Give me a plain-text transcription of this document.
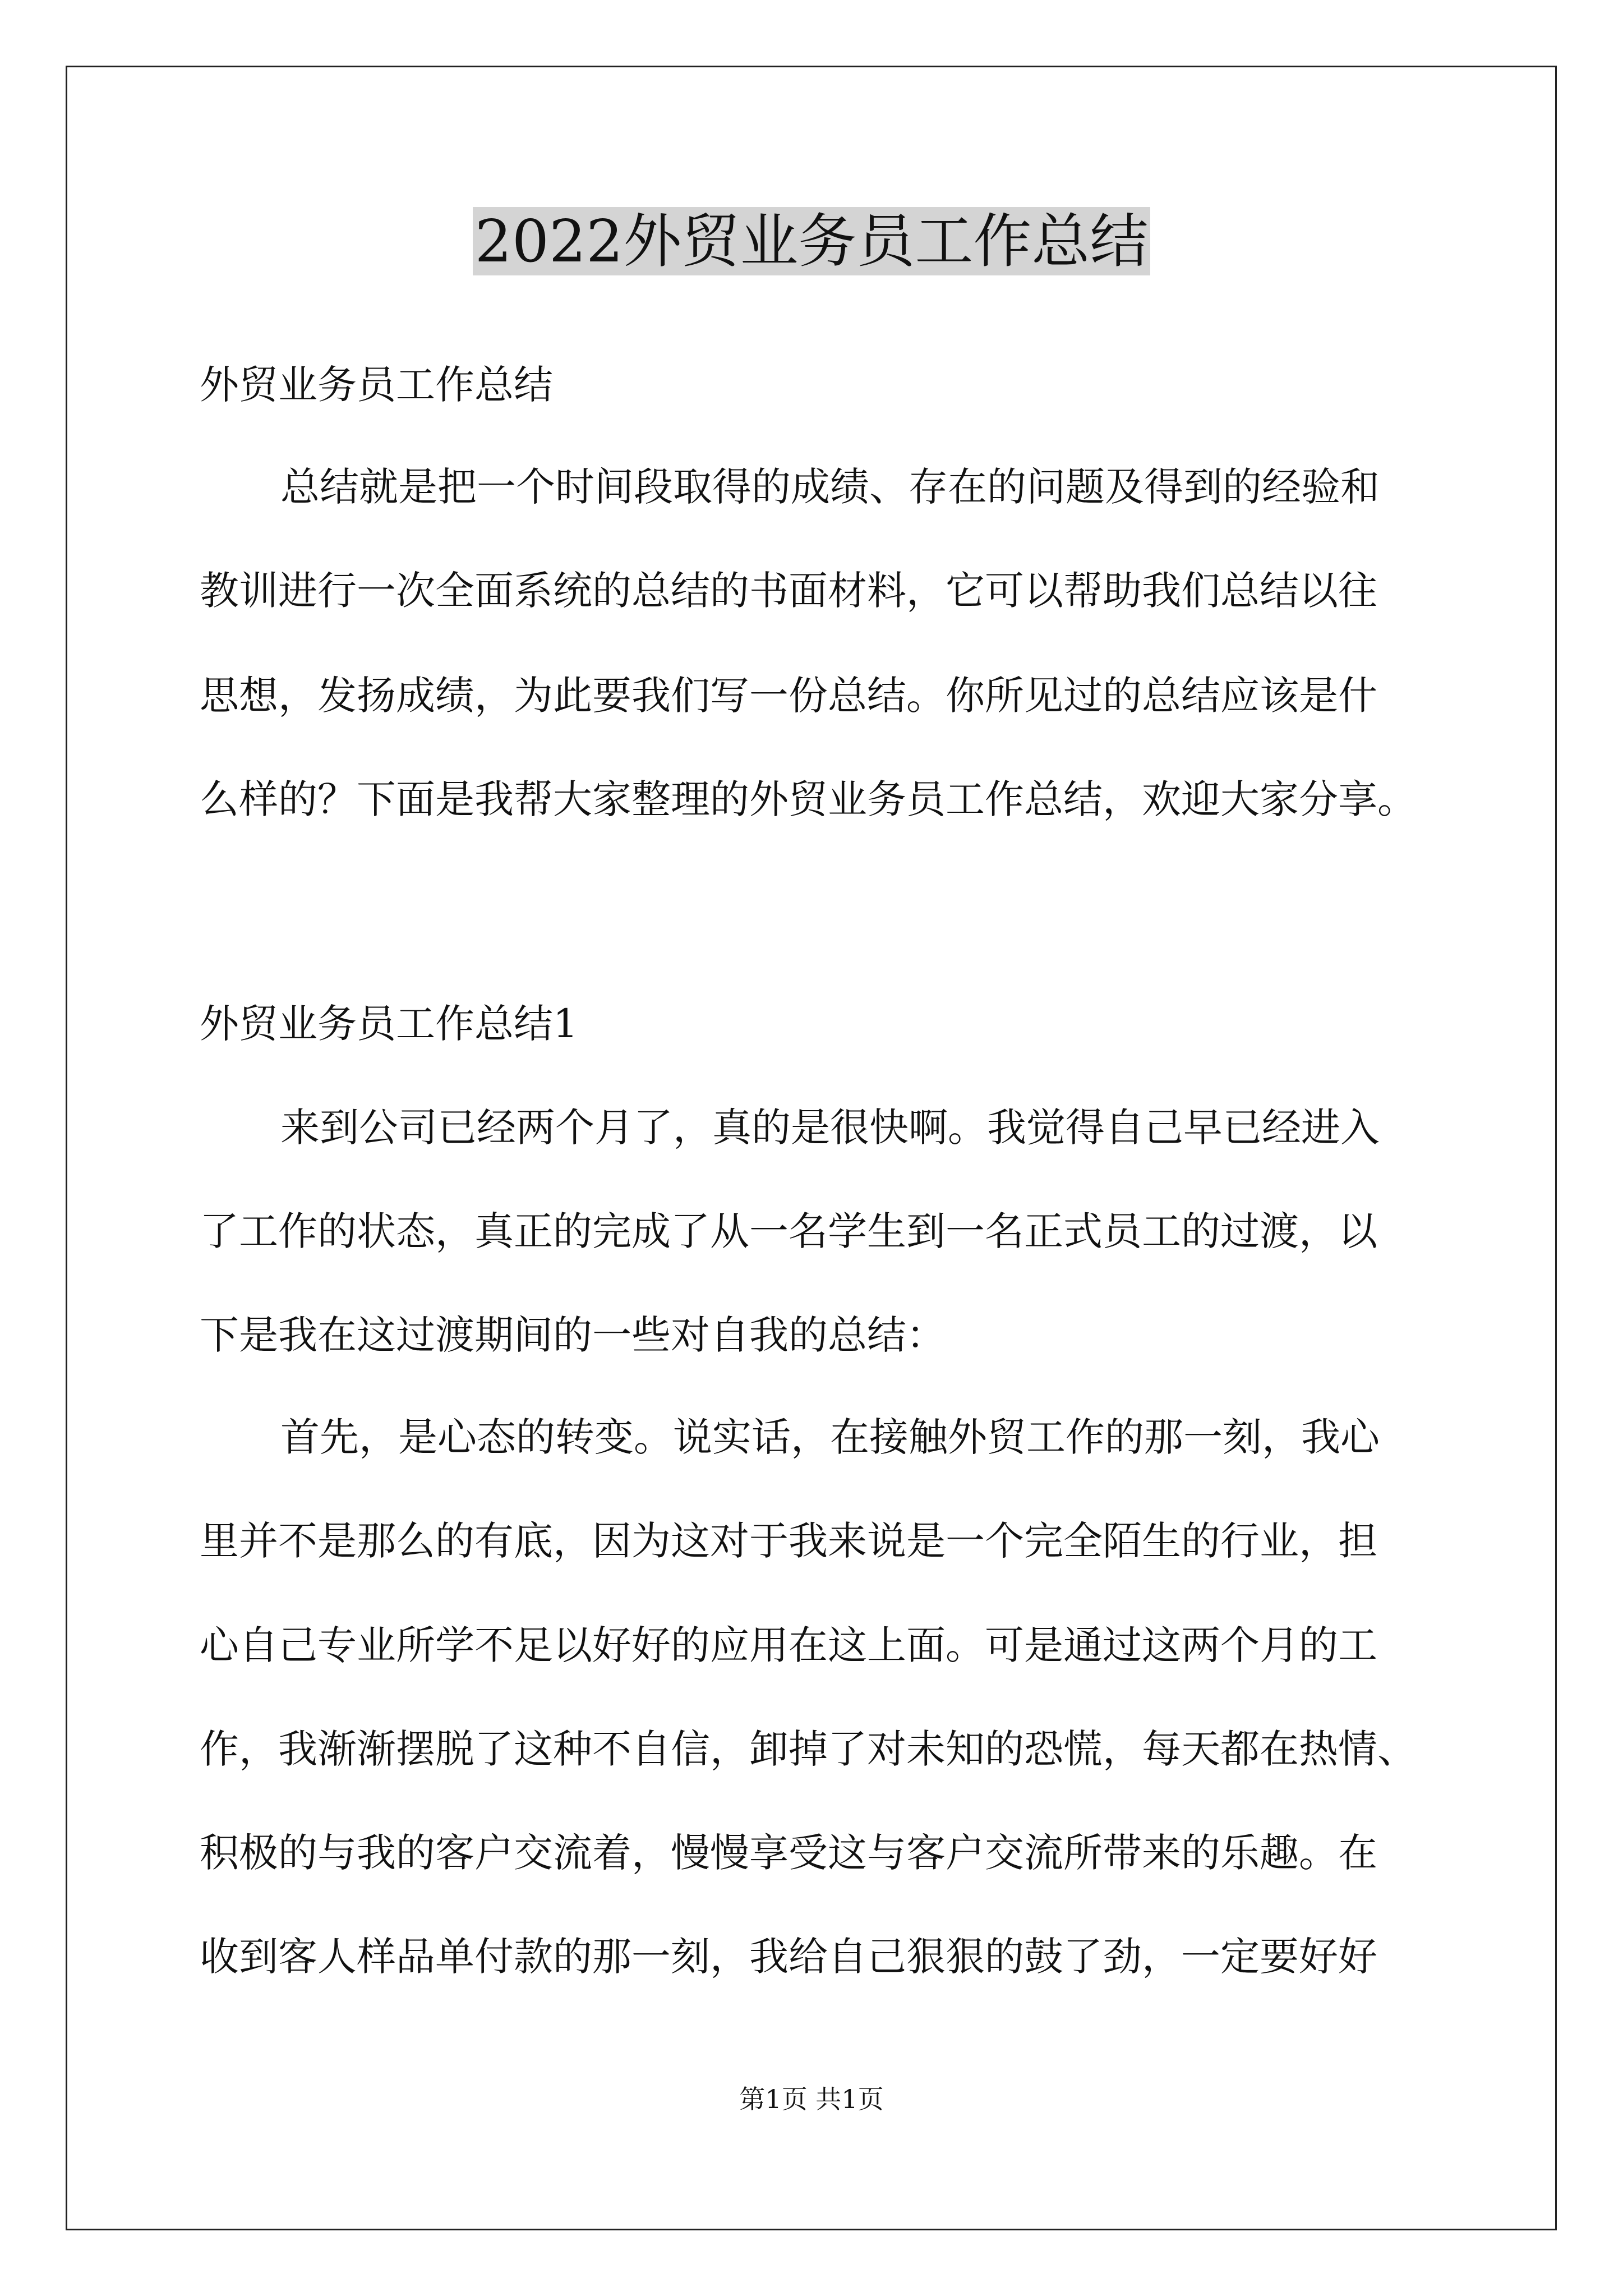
2022外贸业务员工作总结
外贸业务员工作总结
总结就是把一个时间段取得的成绩、存在的问题及得到的经验和
教训进行一次全面系统的总结的书面材料，它可以帮助我们总结以往
思想，发扬成绩，为此要我们写一份总结。你所见过的总结应该是什
么样的？下面是我帮大家整理的外贸业务员工作总结，欢迎大家分享。
外贸业务员工作总结1
来到公司已经两个月了，真的是很快啊。我觉得自己早已经进入
了工作的状态，真正的完成了从一名学生到一名正式员工的过渡，以
下是我在这过渡期间的一些对自我的总结：
首先，是心态的转变。说实话，在接触外贸工作的那一刻，我心
里并不是那么的有底，因为这对于我来说是一个完全陌生的行业，担
心自己专业所学不足以好好的应用在这上面。可是通过这两个月的工
作，我渐渐摆脱了这种不自信，卸掉了对未知的恐慌，每天都在热情、
积极的与我的客户交流着，慢慢享受这与客户交流所带来的乐趣。在
收到客人样品单付款的那一刻，我给自己狠狠的鼓了劲，一定要好好
第1页 共1页
